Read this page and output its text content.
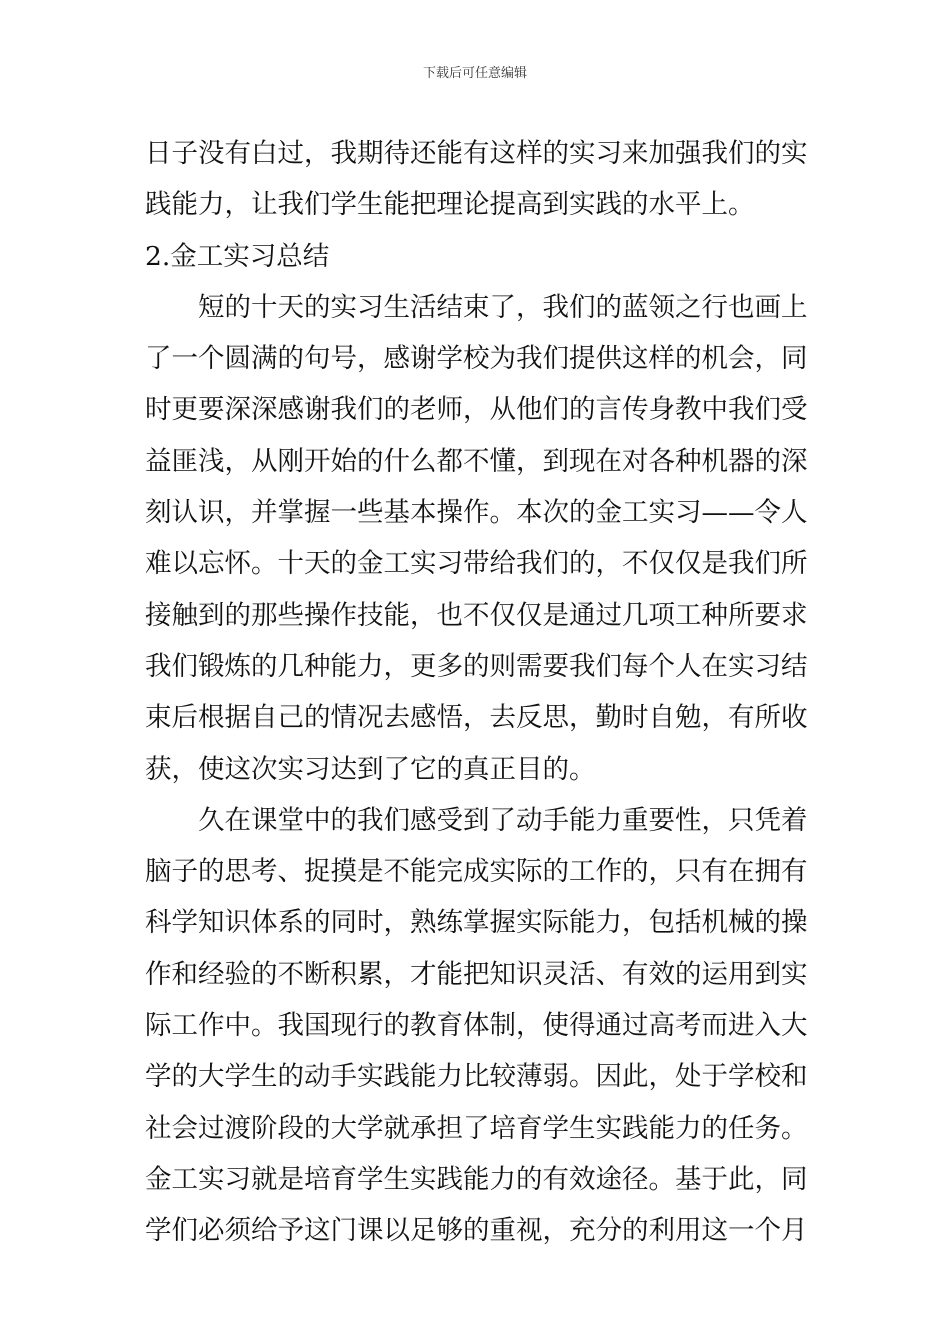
下载后可任意编辑
日子没有白过，我期待还能有这样的实习来加强我们的实
践能力，让我们学生能把理论提高到实践的水平上。
2.金工实习总结
短的十天的实习生活结束了，我们的蓝领之行也画上
了一个圆满的句号，感谢学校为我们提供这样的机会，同
时更要深深感谢我们的老师，从他们的言传身教中我们受
益匪浅，从刚开始的什么都不懂，到现在对各种机器的深
刻认识，并掌握一些基本操作。本次的金工实习——令人
难以忘怀。十天的金工实习带给我们的，不仅仅是我们所
接触到的那些操作技能，也不仅仅是通过几项工种所要求
我们锻炼的几种能力，更多的则需要我们每个人在实习结
束后根据自己的情况去感悟，去反思，勤时自勉，有所收
获，使这次实习达到了它的真正目的。
久在课堂中的我们感受到了动手能力重要性，只凭着
脑子的思考、捉摸是不能完成实际的工作的，只有在拥有
科学知识体系的同时，熟练掌握实际能力，包括机械的操
作和经验的不断积累，才能把知识灵活、有效的运用到实
际工作中。我国现行的教育体制，使得通过高考而进入大
学的大学生的动手实践能力比较薄弱。因此，处于学校和
社会过渡阶段的大学就承担了培育学生实践能力的任务。
金工实习就是培育学生实践能力的有效途径。基于此，同
学们必须给予这门课以足够的重视，充分的利用这一个月
